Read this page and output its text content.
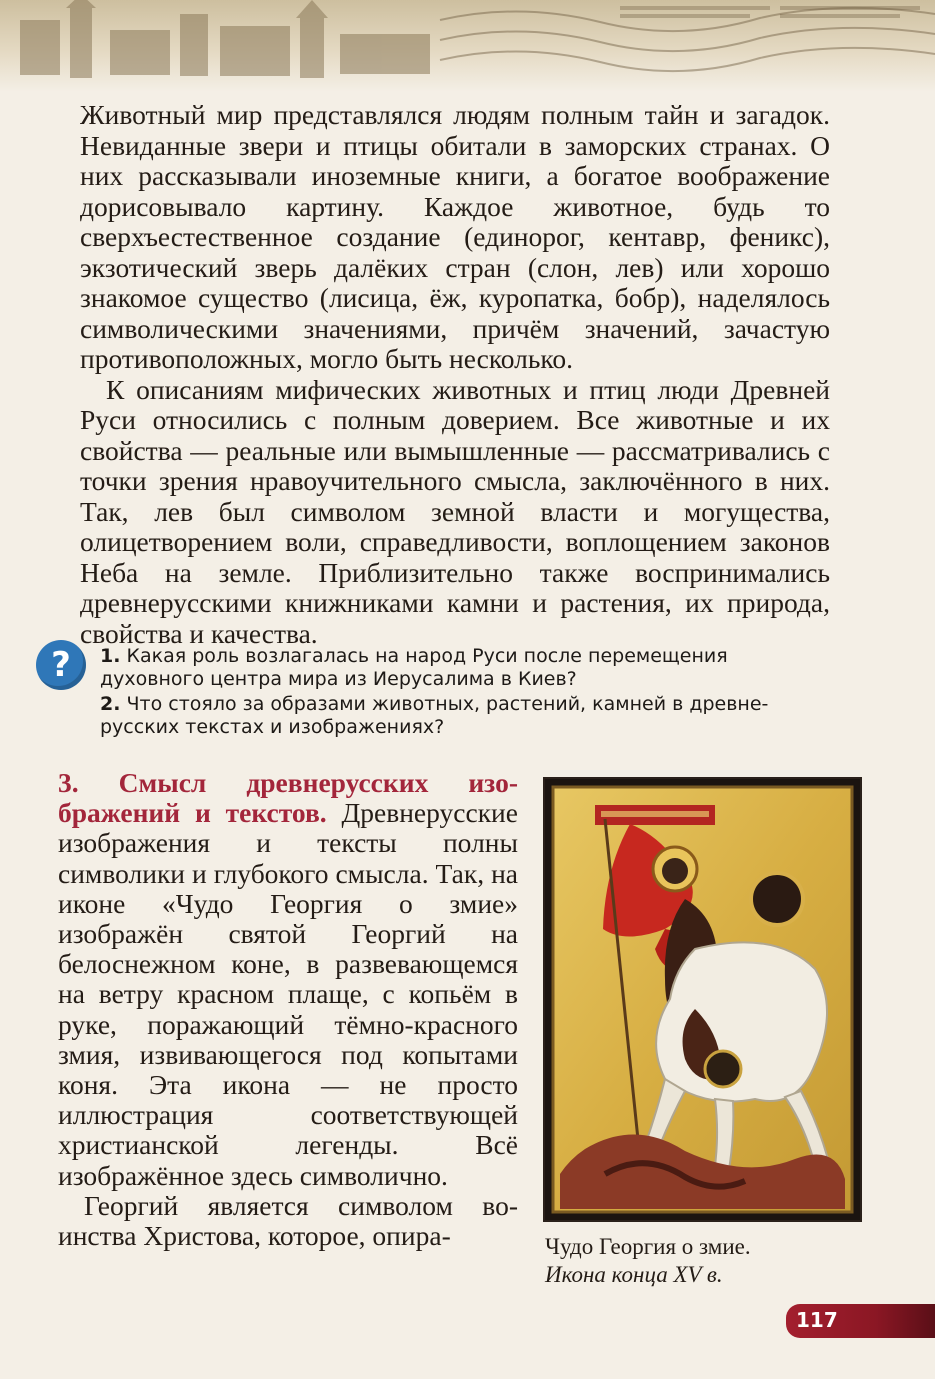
Животный мир представлялся людям полным тайн и загадок. Невиданные звери и птицы обитали в заморских странах. О них рассказывали иноземные книги, а богатое воображение дорисовывало картину. Каждое животное, будь то сверхъестественное создание (единорог, кентавр, феникс), экзотический зверь далёких стран (слон, лев) или хорошо знакомое существо (лисица, ёж, куропатка, бобр), наделялось символическими значениями, причём значений, зачастую противоположных, могло быть несколько.

К описаниям мифических животных и птиц люди Древней Руси относились с полным доверием. Все животные и их свойства — реальные или вымышленные — рассматривались с точки зрения нравоучительного смысла, заключённого в них. Так, лев был символом земной власти и могущества, олицетворением воли, справедливости, воплощением законов Неба на земле. Приблизительно также воспринимались древнерусскими книжниками камни и растения, их природа, свойства и качества.

?	1. Какая роль возлагалась на народ Руси после перемещения духовного центра мира из Иерусалима в Киев?

2. Что стояло за образами животных, растений, камней в древнерусских текстах и изображениях?

3. Смысл древнерусских изображений и текстов. Древнерусские изображения и тексты полны символики и глубокого смысла. Так, на иконе «Чудо Георгия о змие» изображён святой Георгий на белоснежном коне, в развевающемся на ветру красном плаще, с копьём в руке, поражающий тёмно-красного змия, извивающегося под копытами коня. Эта икона — не просто иллюстрация соответствующей христианской легенды. Всё изображённое здесь символично.

Георгий является символом воинства Христова, которое, опира-	Чудо Георгия о змие.
Икона конца XV в.
117
